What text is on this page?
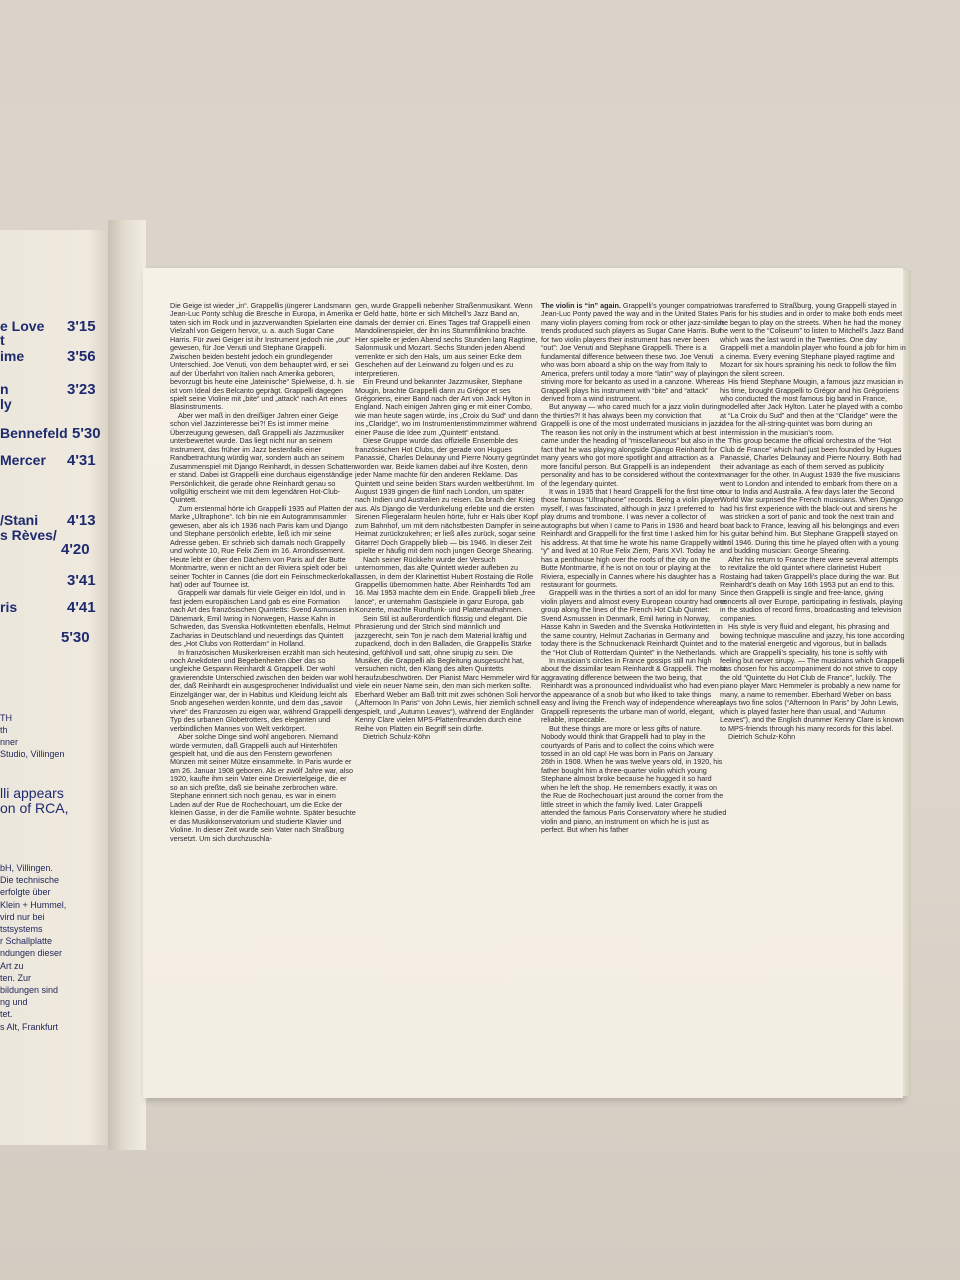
e Love 3'15
t
ime	3'56
n	3'23
ly
Bennefeld 5'30
Mercer 4'31
/Stani 4'13
s Rèves/
4'20
3'41
ris	4'41
5'30
TH
th
nner
Studio, Villingen
lli appears
on of RCA,
bH, Villingen.
Die technische
erfolgte über
Klein + Hummel,
vird nur bei
tstsystems
r Schallplatte
ndungen dieser
Art zu
ten. Zur
bildungen sind
ng und
tet.
s Alt, Frankfurt

Die Geige ist wieder „in“. Grappellis jüngerer Landsmann Jean-Luc Ponty schlug die Bresche in Europa, in Amerika taten sich im Rock und in jazzverwandten Spielarten eine Vielzahl von Geigern hervor, u. a. auch Sugar Cane Harris. Für zwei Geiger ist ihr Instrument jedoch nie „out“ gewesen, für Joe Venuti und Stephane Grappelli. Zwischen beiden besteht jedoch ein grundlegender Unterschied. Joe Venuti, von dem behauptet wird, er sei auf der Überfahrt von Italien nach Amerika geboren, bevorzugt bis heute eine „lateinische“ Spielweise, d. h. sie ist vom Ideal des Belcanto geprägt. Grappelli dagegen spielt seine Violine mit „bite“ und „attack“ nach Art eines Blasinstruments.

Aber wer maß in den dreißiger Jahren einer Geige schon viel Jazzinteresse bei?! Es ist immer meine Überzeugung gewesen, daß Grappelli als Jazzmusiker unterbewertet wurde. Das liegt nicht nur an seinem Instrument, das früher im Jazz bestenfalls einer Randbetrachtung würdig war, sondern auch an seinem Zusammenspiel mit Django Reinhardt, in dessen Schatten er stand. Dabei ist Grappelli eine durchaus eigenständige Persönlichkeit, die gerade ohne Reinhardt genau so vollgültig erscheint wie mit dem legendären Hot-Club-Quintett.

Zum erstenmal hörte ich Grappelli 1935 auf Platten der Marke „Ultraphone“. Ich bin nie ein Autogrammsammler gewesen, aber als ich 1936 nach Paris kam und Django und Stephane persönlich erlebte, ließ ich mir seine Adresse geben. Er schrieb sich damals noch Grappelly und wohnte 10, Rue Felix Ziem im 16. Arrondissement. Heute lebt er über den Dächern von Paris auf der Butte Montmartre, wenn er nicht an der Riviera spielt oder bei seiner Tochter in Cannes (die dort ein Feinschmeckerlokal hat) oder auf Tournee ist.

Grappelli war damals für viele Geiger ein Idol, und in fast jedem europäischen Land gab es eine Formation nach Art des französischen Quintetts: Svend Asmussen in Dänemark, Emil Iwring in Norwegen, Hasse Kahn in Schweden, das Svenska Hotkvintetten ebenfalls, Helmut Zacharias in Deutschland und neuerdings das Quintett des „Hot Clubs von Rotterdam“ in Holland.

In französischen Musikerkreisen erzählt man sich heute noch Anekdoten und Begebenheiten über das so ungleiche Gespann Reinhardt & Grappelli. Der wohl gravierendste Unterschied zwischen den beiden war wohl der, daß Reinhardt ein ausgesprochener Individualist und Einzelgänger war, der in Habitus und Kleidung leicht als Snob angesehen werden konnte, und dem das „savoir vivre“ des Franzosen zu eigen war, während Grappelli den Typ des urbanen Globetrotters, des eleganten und verbindlichen Mannes von Welt verkörpert.

Aber solche Dinge sind wohl angeboren. Niemand würde vermuten, daß Grappelli auch auf Hinterhöfen gespielt hat, und die aus den Fenstern geworfenen Münzen mit seiner Mütze einsammelte. In Paris wurde er am 26. Januar 1908 geboren. Als er zwölf Jahre war, also 1920, kaufte ihm sein Vater eine Dreiviertelgeige, die er so an sich preßte, daß sie beinahe zerbrochen wäre. Stephane erinnert sich noch genau, es war in einem Laden auf der Rue de Rochechouart, um die Ecke der kleinen Gasse, in der die Familie wohnte. Später besuchte er das Musikkonservatorium und studierte Klavier und Violine. In dieser Zeit wurde sein Vater nach Straßburg versetzt. Um sich durchzuschla-

gen, wurde Grappelli nebenher Straßenmusikant. Wenn er Geld hatte, hörte er sich Mitchell’s Jazz Band an, damals der dernier cri. Eines Tages traf Grappelli einen Mandolinenspieler, der ihn ins Stummfilmkino brachte. Hier spielte er jeden Abend sechs Stunden lang Ragtime, Salonmusik und Mozart. Sechs Stunden jeden Abend verrenkte er sich den Hals, um aus seiner Ecke dem Geschehen auf der Leinwand zu folgen und es zu interpretieren.

Ein Freund und bekannter Jazzmusiker, Stephane Mougin, brachte Grappelli dann zu Grégor et ses Grégoriens, einer Band nach der Art von Jack Hylton in England. Nach einigen Jahren ging er mit einer Combo, wie man heute sagen würde, ins „Croix du Sud“ und dann ins „Claridge“, wo im Instrumentenstimmzimmer während einer Pause die Idee zum „Quintett“ entstand.

Diese Gruppe wurde das offizielle Ensemble des französischen Hot Clubs, der gerade von Hugues Panassié, Charles Delaunay und Pierre Nourry gegründet worden war. Beide kamen dabei auf ihre Kosten, denn jeder Name machte für den anderen Reklame. Das Quintett und seine beiden Stars wurden weltberühmt. Im August 1939 gingen die fünf nach London, um später nach Indien und Australien zu reisen. Da brach der Krieg aus. Als Django die Verdunkelung erlebte und die ersten Sirenen Fliegeralarm heulen hörte, fuhr er Hals über Kopf zum Bahnhof, um mit dem nächstbesten Dampfer in seine Heimat zurückzukehren; er ließ alles zurück, sogar seine Gitarre! Doch Grappelly blieb — bis 1946. In dieser Zeit spielte er häufig mit dem noch jungen George Shearing.

Nach seiner Rückkehr wurde der Versuch unternommen, das alte Quintett wieder aufleben zu lassen, in dem der Klarinettist Hubert Rostaing die Rolle Grappellis übernommen hatte. Aber Reinhardts Tod am 16. Mai 1953 machte dem ein Ende. Grappelli blieb „free lance“, er unternahm Gastspiele in ganz Europa, gab Konzerte, machte Rundfunk- und Plattenaufnahmen.

Sein Stil ist außerordentlich flüssig und elegant. Die Phrasierung und der Strich sind männlich und jazzgerecht, sein Ton je nach dem Material kräftig und zupackend, doch in den Balladen, die Grappellis Stärke sind, gefühlvoll und satt, ohne sirupig zu sein. Die Musiker, die Grappelli als Begleitung ausgesucht hat, versuchen nicht, den Klang des alten Quintetts heraufzubeschwören. Der Pianist Marc Hemmeler wird für viele ein neuer Name sein, den man sich merken sollte. Eberhard Weber am Baß tritt mit zwei schönen Soli hervor („Afternoon In Paris“ von John Lewis, hier ziemlich schnell gespielt, und „Autumn Leaves“), während der Engländer Kenny Clare vielen MPS-Plattenfreunden durch eine Reihe von Platten ein Begriff sein dürfte.

Dietrich Schulz-Köhn

The violin is “in” again. Grappelli’s younger compatriot Jean-Luc Ponty paved the way and in the United States many violin players coming from rock or other jazz-similar trends produced such players as Sugar Cane Harris. But for two violin players their instrument has never been “out”: Joe Venuti and Stephane Grappelli. There is a fundamental difference between these two. Joe Venuti who was born aboard a ship on the way from Italy to America, prefers until today a more “latin” way of playing, striving more for belcanto as used in a canzone. Whereas Grappelli plays his instrument with “bite” and “attack” derived from a wind instrument.

But anyway — who cared much for a jazz violin during the thirties?! It has always been my conviction that Grappelli is one of the most underrated musicians in jazz. The reason lies not only in the instrument which at best came under the heading of “miscellaneous” but also in the fact that he was playing alongside Django Reinhardt for many years who got more spotlight and attraction as a more fanciful person. But Grappelli is an independent personality and has to be considered without the context of the legendary quintet.

It was in 1935 that I heard Grappelli for the first time on those famous “Ultraphone” records. Being a violin player myself, I was fascinated, although in jazz I preferred to play drums and trombone. I was never a collector of autographs but when I came to Paris in 1936 and heard Reinhardt and Grappelli for the first time I asked him for his address. At that time he wrote his name Grappelly with “y” and lived at 10 Rue Felix Ziem, Paris XVI. Today he has a penthouse high over the roofs of the city on the Butte Montmartre, if he is not on tour or playing at the Riviera, especially in Cannes where his daughter has a restaurant for gourmets.

Grappelli was in the thirties a sort of an idol for many violin players and almost every European country had one group along the lines of the French Hot Club Quintet: Svend Asmussen in Denmark, Emil Iwring in Norway, Hasse Kahn in Sweden and the Svenska Hotkvintetten in the same country, Helmut Zacharias in Germany and today there is the Schnuckenack Reinhardt Quintet and the “Hot Club of Rotterdam Quintet” in the Netherlands.

In musician’s circles in France gossips still run high about the dissimilar team Reinhardt & Grappelli. The most aggravating difference between the two being, that Reinhardt was a pronounced individualist who had even the appearance of a snob but who liked to take things easy and living the French way of independence whereas Grappelli represents the urbane man of world, elegant, reliable, impeccable.

But these things are more or less gifts of nature. Nobody would think that Grappelli had to play in the courtyards of Paris and to collect the coins which were tossed in an old cap! He was born in Paris on January 26th in 1908. When he was twelve years old, in 1920, his father bought him a three-quarter violin which young Stephane almost broke because he hugged it so hard when he left the shop. He remembers exactly, it was on the Rue de Rochechouart just around the corner from the little street in which the family lived. Later Grappelli attended the famous Paris Conservatory where he studied violin and piano, an instrument on which he is just as perfect. But when his father

was transferred to Straßburg, young Grappelli stayed in Paris for his studies and in order to make both ends meet he began to play on the streets. When he had the money he went to the “Coliseum” to listen to Mitchell’s Jazz Band which was the last word in the Twenties. One day Grappelli met a mandolin player who found a job for him in a cinema. Every evening Stephane played ragtime and Mozart for six hours spraining his neck to follow the film on the silent screen.

His friend Stephane Mougin, a famous jazz musician in his time, brought Grappelli to Grégor and his Grégoriens who conducted the most famous big band in France, modelled after Jack Hylton. Later he played with a combo at “La Croix du Sud” and then at the “Claridge” were the idea for the all-string-quintet was born during an intermission in the musician’s room.

This group became the official orchestra of the “Hot Club de France” which had just been founded by Hugues Panassié, Charles Delaunay and Pierre Nourry. Both had their advantage as each of them served as publicity manager for the other. In August 1939 the five musicians went to London and intended to embark from there on a tour to India and Australia. A few days later the Second World War surprised the French musicians. When Django had his first experience with the black-out and sirens he was stricken a sort of panic and took the next train and boat back to France, leaving all his belongings and even his guitar behind him. But Stephane Grappelli stayed on until 1946. During this time he played often with a young and budding musician: George Shearing.

After his return to France there were several attempts to revitalize the old quintet where clarinetist Hubert Rostaing had taken Grappelli’s place during the war. But Reinhardt’s death on May 16th 1953 put an end to this. Since then Grappelli is single and free-lance, giving concerts all over Europe, participating in festivals, playing in the studios of record firms, broadcasting and television companies.

His style is very fluid and elegant, his phrasing and bowing technique masculine and jazzy, his tone according to the material energetic and vigorous, but in ballads which are Grappelli’s speciality, his tone is softly with feeling but never sirupy. — The musicians which Grappelli has chosen for his accompaniment do not strive to copy the old “Quintette du Hot Club de France”, luckily. The piano player Marc Hemmeler is probably a new name for many, a name to remember. Eberhard Weber on bass plays two fine solos (“Afternoon In Paris” by John Lewis, which is played faster here than usual, and “Autumn Leaves”), and the English drummer Kenny Clare is known to MPS-friends through his many records for this label.

Dietrich Schulz-Köhn
